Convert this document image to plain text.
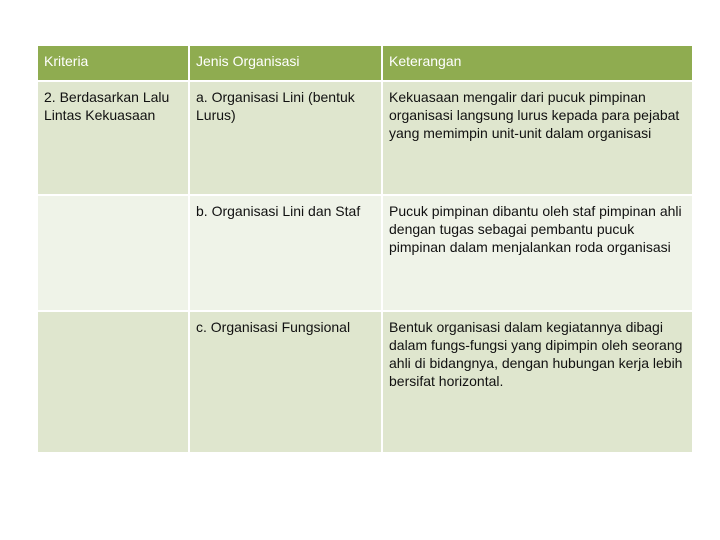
Kriteria	Jenis Organisasi	Keterangan

2. Berdasarkan Lalu Lintas Kekuasaan	a. Organisasi Lini (bentuk Lurus)	Kekuasaan mengalir dari pucuk pimpinan organisasi langsung lurus kepada para pejabat yang memimpin unit-unit dalam organisasi

	b. Organisasi Lini dan Staf	Pucuk pimpinan dibantu oleh staf pimpinan ahli dengan tugas sebagai pembantu pucuk pimpinan dalam menjalankan roda organisasi

	c. Organisasi Fungsional	Bentuk organisasi dalam kegiatannya dibagi dalam fungs-fungsi yang dipimpin oleh seorang ahli di bidangnya, dengan hubungan kerja lebih bersifat horizontal.
